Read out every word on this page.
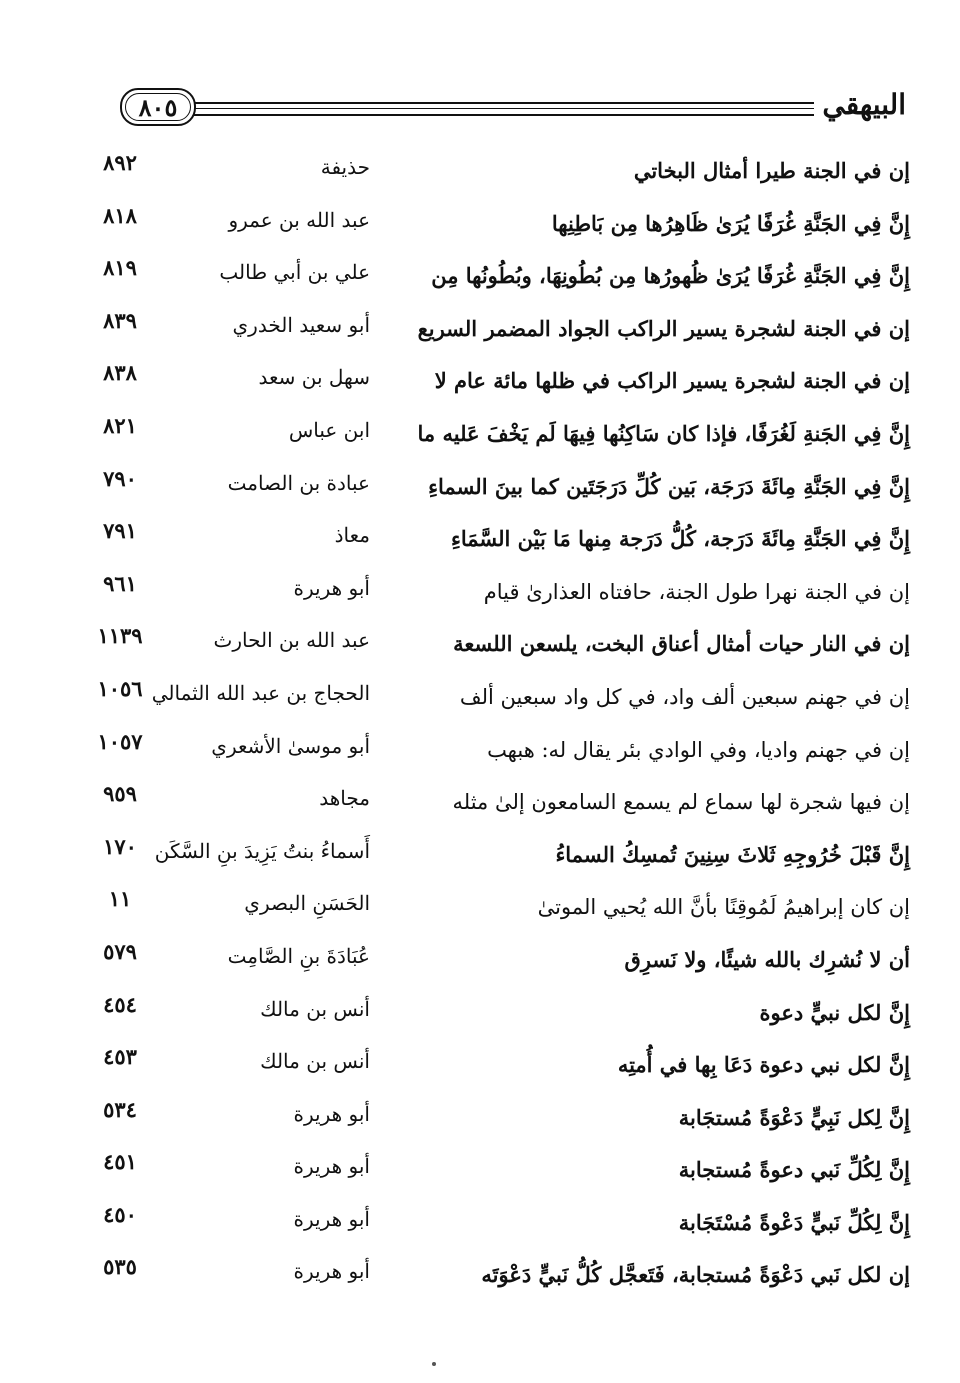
٨٠٥	البيهقي
إن في الجنة طيرا أمثال البخاتي
حذيفة
٨٩٢
إِنَّ فِي الجَنَّةِ غُرَفًا يُرَىٰ ظَاهِرُها مِن بَاطِنِها
عبد الله بن عمرو
٨١٨
إِنَّ فِي الجَنَّةِ غُرَفًا يُرَىٰ ظُهورُها مِن بُطُونِهَا، وبُطُونُها مِن
علي بن أبي طالب
٨١٩
إن في الجنة لشجرة يسير الراكب الجواد المضمر السريع
أبو سعيد الخدري
٨٣٩
إن في الجنة لشجرة يسير الراكب في ظلها مائة عام لا
سهل بن سعد
٨٣٨
إِنَّ فِي الجَنةِ لَغُرَفًا، فإذا كان سَاكِنُها فِيهَا لَم يَخْفَ عَليه ما
ابن عباس
٨٢١
إِنَّ فِي الجَنَّةِ مِائَةَ دَرَجَة، بَين كُلِّ دَرَجَتَين كما بينَ السماءِ
عبادة بن الصامت
٧٩٠
إِنَّ فِي الجَنَّةِ مِائَةَ دَرَجة، كُلُّ دَرَجة مِنها مَا بَيْن السَّمَاءِ
معاذ
٧٩١
إن في الجنة نهرا طول الجنة، حافتاه العذارىٰ قيام
أبو هريرة
٩٦١
إن في النار حيات أمثال أعناق البخت، يلسعن اللسعة
عبد الله بن الحارث
١١٣٩
إن في جهنم سبعين ألف واد، في كل واد سبعين ألف
الحجاج بن عبد الله الثمالي
١٠٥٦
إن في جهنم واديا، وفي الوادي بئر يقال له: هبهب
أبو موسىٰ الأشعري
١٠٥٧
إن فيها شجرة لها سماع لم يسمع السامعون إلىٰ مثله
مجاهد
٩٥٩
إِنَّ قَبْلَ خُرُوجِهِ ثَلاثَ سِنِينَ تُمسِكُ السماءُ
أَسماءُ بنتُ يَزِيدَ بنِ السَّكَن
١٧٠
إن كان إبراهيمُ لَمُوقِنًا بأنَّ الله يُحيي الموتىٰ
الحَسَنِ البصري
١١
أن لا نُشرِك بالله شيئًا، ولا نَسرِق
عُبَادَةَ بنِ الصَّامِت
٥٧٩
إِنَّ لكل نبيٍّ دعوة
أنس بن مالك
٤٥٤
إِنَّ لكل نبي دعوة دَعَا بِها في أُمتِه
أنس بن مالك
٤٥٣
إِنَّ لِكل نَبِيٍّ دَعْوَةً مُستجَابة
أبو هريرة
٥٣٤
إِنَّ لِكُلِّ نَبي دعوةً مُستجابة
أبو هريرة
٤٥١
إِنَّ لِكُلِّ نَبيٍّ دَعْوةً مُسْتَجَابة
أبو هريرة
٤٥٠
إن لكل نَبي دَعْوَةً مُستجابة، فَتَعجَّل كُلُّ نَبيٍّ دَعْوَتَه
أبو هريرة
٥٣٥
